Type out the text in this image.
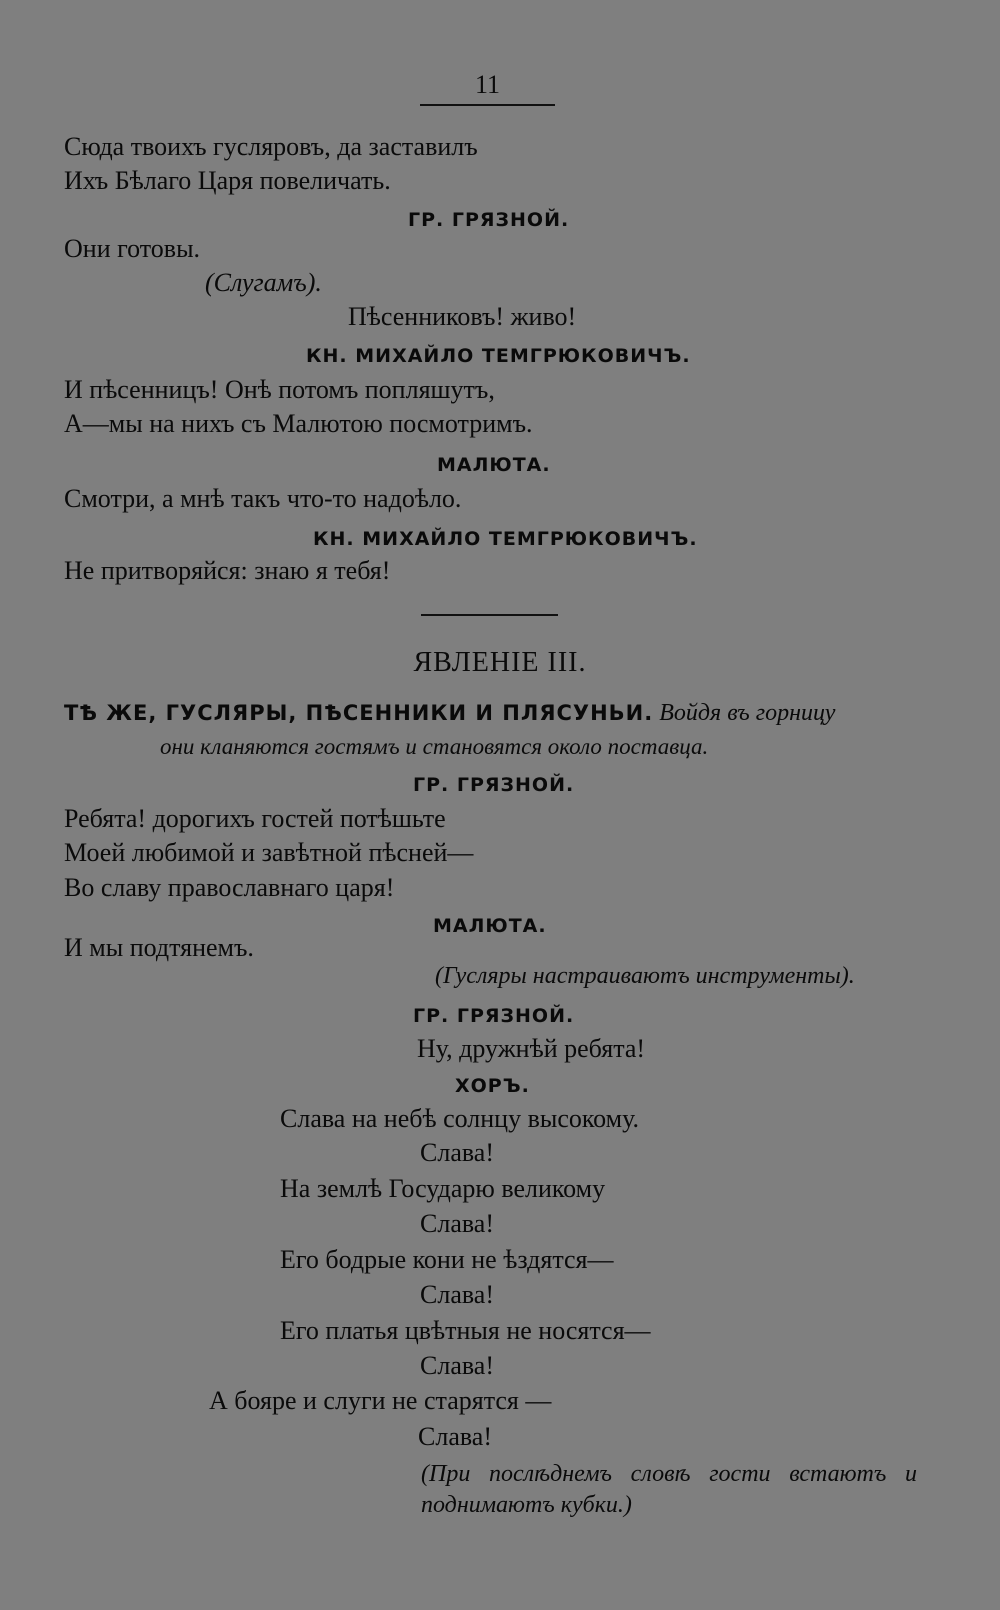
11
Сюда твоихъ гусляровъ, да заставилъ
Ихъ Бѣлаго Царя повеличать.
ГР. ГРЯЗНОЙ.
Они готовы.
(Слугамъ).
Пѣсенниковъ! живо!
КН. МИХАЙЛО ТЕМГРЮКОВИЧЪ.
И пѣсенницъ! Онѣ потомъ попляшутъ,
А—мы на нихъ съ Малютою посмотримъ.
МАЛЮТА.
Смотри, а мнѣ такъ что-то надоѣло.
КН. МИХАЙЛО ТЕМГРЮКОВИЧЪ.
Не притворяйся: знаю я тебя!
ЯВЛЕНІЕ III.
ТѢ ЖЕ, ГУСЛЯРЫ, ПѢСЕННИКИ И ПЛЯСУНЬИ. Войдя въ горницу
они кланяются гостямъ и становятся около поставца.
ГР. ГРЯЗНОЙ.
Ребята! дорогихъ гостей потѣшьте
Моей любимой и завѣтной пѣсней—
Во славу православнаго царя!
МАЛЮТА.
И мы подтянемъ.
(Гусляры настраиваютъ инструменты).
ГР. ГРЯЗНОЙ.
Ну, дружнѣй ребята!
ХОРЪ.
Слава на небѣ солнцу высокому.
Слава!
На землѣ Государю великому
Слава!
Его бодрые кони не ѣздятся—
Слава!
Его платья цвѣтныя не носятся—
Слава!
А бояре и слуги не старятся —
Слава!
(При послѣднемъ словѣ гости встаютъ и поднимаютъ кубки.)
